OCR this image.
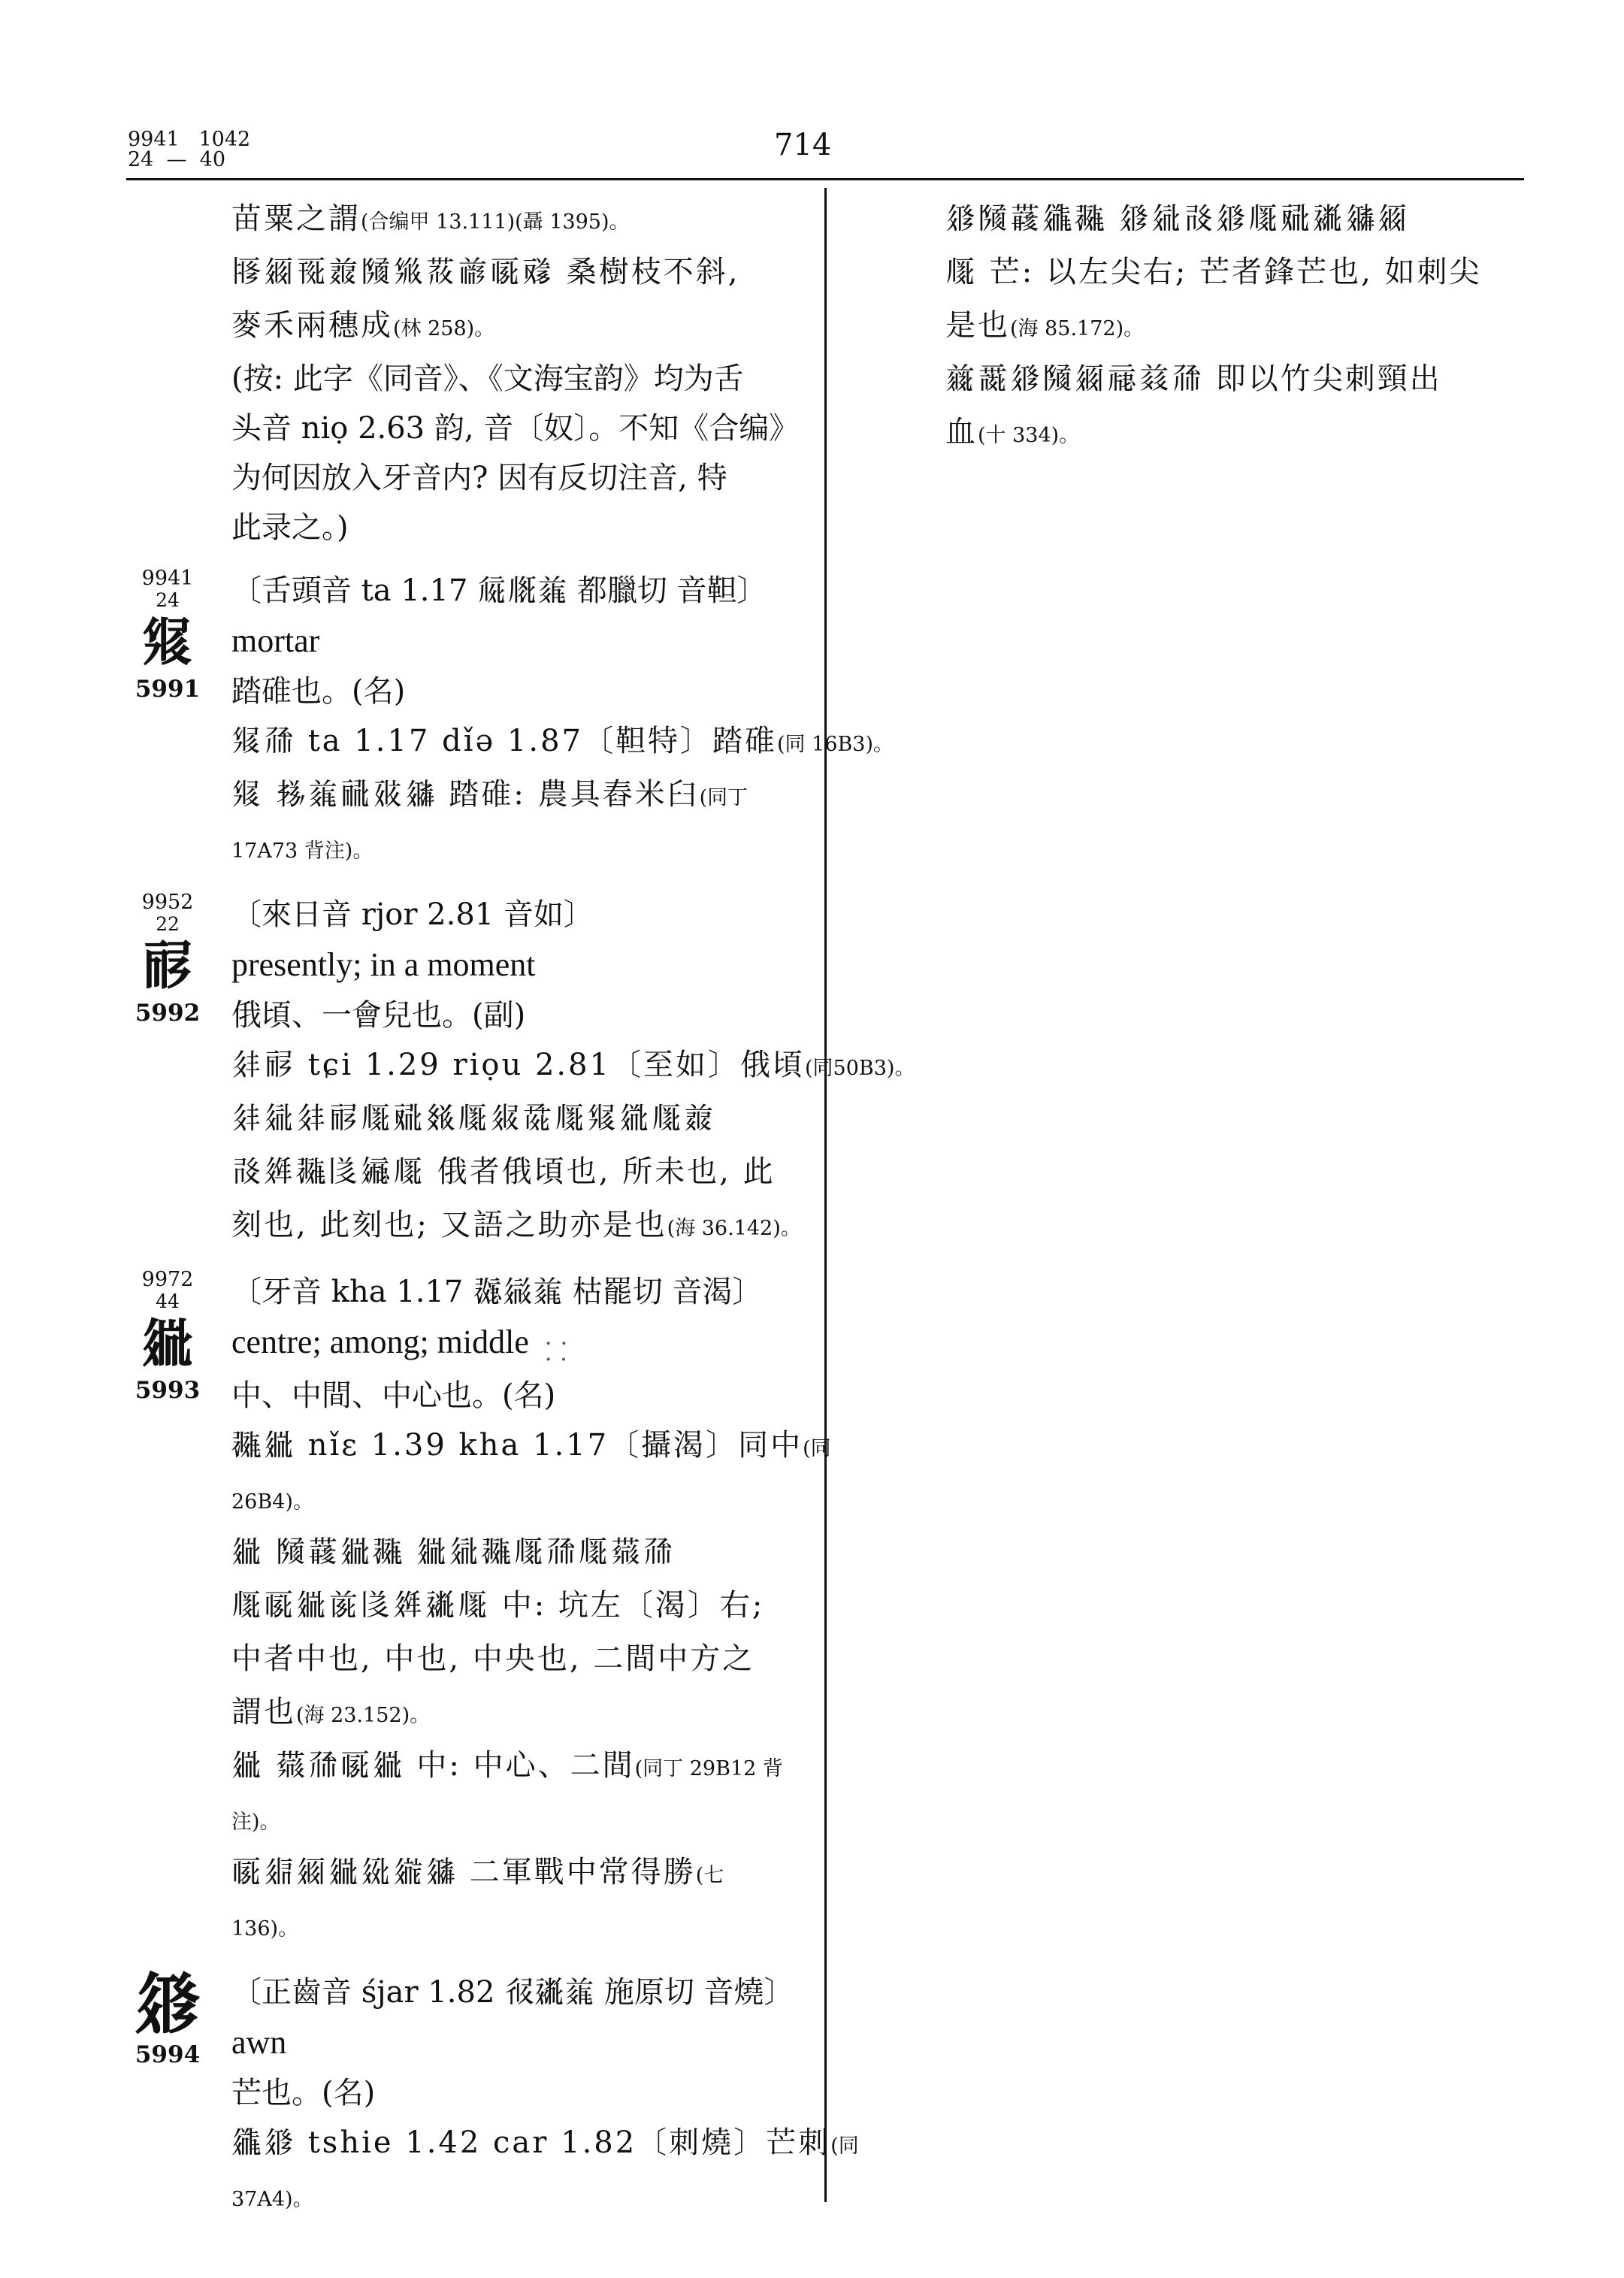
9941   1042
24  —  40	714
苗粟之謂(合编甲 13.111)(聶 1395)。
𗎦𗥃𗀔𗓱𗂧𗊱𗚛𗑗𗀅𗠠 桑樹枝不斜,
麥禾兩穗成(林 258)。
(按: 此字《同音》、《文海宝韵》均为舌
头音 niọ 2.63 韵, 音〔奴〕。不知《合编》
为何因放入牙音内? 因有反切注音, 特
此录之。)
9941
24
𗊰
5991
〔舌頭音 ta 1.17 𗏁𗅋𗒀 都臘切 音靼〕
mortar
踏碓也。(名)
𗊰𗗙 ta 1.17 dǐə 1.87〔靼特〕踏碓(同 16B3)。
𗊰 𗈪𗒀𗟻𗡢𗦟 踏碓: 農具舂米臼(同丁
17A73 背注)。
9952
22
𗟲
5992
〔來日音 rjor 2.81 音如〕
presently; in a moment
俄頃、一會兒也。(副)
𗢳𗟲 tɕi 1.29 riọu 2.81〔至如〕俄頃(同50B3)。
𗢳𗣼𗢳𗟲𗅲𗠦𗾥𗅲𗤒𗱕𗅲𗊰𗥦𗅲𗓱
𗰗𗤶𗖵𗁅𗩾𗅲 俄者俄頃也, 所未也, 此
刻也, 此刻也; 又語之助亦是也(海 36.142)。
9972
44
𗥔
5993
〔牙音 kha 1.17 𗗄𗦎𗒀 枯罷切 音渴〕
centre; among; middle ⸬
中、中間、中心也。(名)
𗖵𗥔 nǐɛ 1.39 kha 1.17〔攝渴〕同中(同
26B4)。
𗥔 𗂧𗞞𗥔𗖵 𗥔𗣼𗖵𗅲𗗙𗅲𗜓𗗙
𗅲𗀅𗥔𗐯𗁅𗤶𗡶𗅲 中: 坑左〔渴〕右;
中者中也, 中也, 中央也, 二間中方之
謂也(海 23.152)。
𗥔 𗜓𗗙𗀅𗥔 中: 中心、二間(同丁 29B12 背
注)。
𗀅𗤋𗥃𗥔𗤇𗨁𗦟 二軍戰中常得勝(七
136)。
𗤁
5994
〔正齒音 śjar 1.82 𗢐𗡶𗒀 施原切 音燒〕
awn
芒也。(名)
𗪟𗤁 tshie 1.42 car 1.82〔刺燒〕芒刺(同
37A4)。
𗤁𗂧𗞞𗪟𗖵 𗤁𗣼𗰗𗤁𗅲𗠦𗡶𗦟𗥃
𗅲 芒: 以左尖右; 芒者鋒芒也, 如刺尖
是也(海 85.172)。
𗔀𗵘𗤁𗂧𗥃𗄊𗑠𗗙 即以竹尖刺頸出
血(十 334)。
